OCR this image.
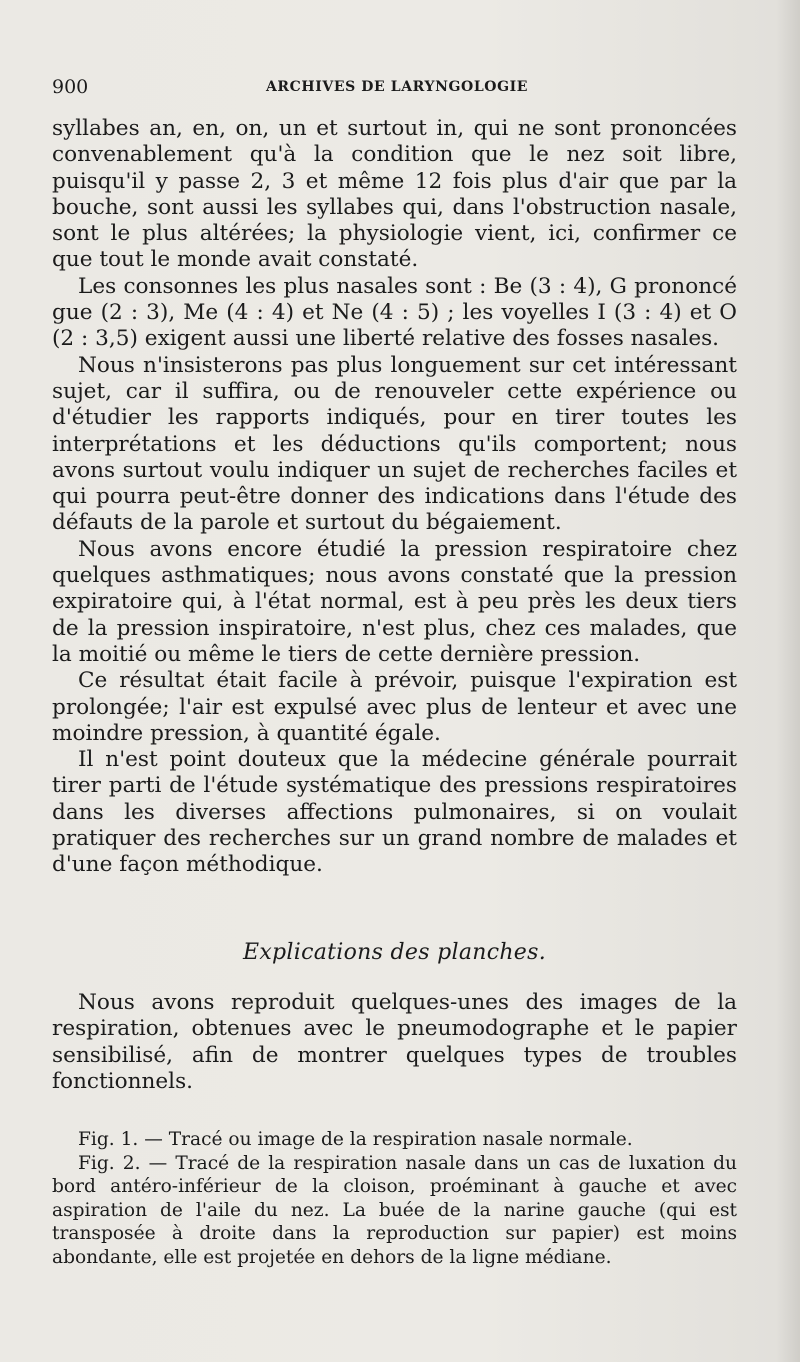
900	ARCHIVES DE LARYNGOLOGIE

syllabes an, en, on, un et surtout in, qui ne sont prononcées convenablement qu'à la condition que le nez soit libre, puisqu'il y passe 2, 3 et même 12 fois plus d'air que par la bouche, sont aussi les syllabes qui, dans l'obstruction nasale, sont le plus altérées; la physiologie vient, ici, confirmer ce que tout le monde avait constaté.

Les consonnes les plus nasales sont : Be (3 : 4), G prononcé gue (2 : 3), Me (4 : 4) et Ne (4 : 5) ; les voyelles I (3 : 4) et O (2 : 3,5) exigent aussi une liberté relative des fosses nasales.

Nous n'insisterons pas plus longuement sur cet intéressant sujet, car il suffira, ou de renouveler cette expérience ou d'étudier les rapports indiqués, pour en tirer toutes les interprétations et les déductions qu'ils comportent; nous avons surtout voulu indiquer un sujet de recherches faciles et qui pourra peut-être donner des indications dans l'étude des défauts de la parole et surtout du bégaiement.

Nous avons encore étudié la pression respiratoire chez quelques asthmatiques; nous avons constaté que la pression expiratoire qui, à l'état normal, est à peu près les deux tiers de la pression inspiratoire, n'est plus, chez ces malades, que la moitié ou même le tiers de cette dernière pression.

Ce résultat était facile à prévoir, puisque l'expiration est prolongée; l'air est expulsé avec plus de lenteur et avec une moindre pression, à quantité égale.

Il n'est point douteux que la médecine générale pourrait tirer parti de l'étude systématique des pressions respiratoires dans les diverses affections pulmonaires, si on voulait pratiquer des recherches sur un grand nombre de malades et d'une façon méthodique.

Explications des planches.

Nous avons reproduit quelques-unes des images de la respiration, obtenues avec le pneumodographe et le papier sensibilisé, afin de montrer quelques types de troubles fonctionnels.

Fig. 1. — Tracé ou image de la respiration nasale normale.

Fig. 2. — Tracé de la respiration nasale dans un cas de luxation du bord antéro-inférieur de la cloison, proéminant à gauche et avec aspiration de l'aile du nez. La buée de la narine gauche (qui est transposée à droite dans la reproduction sur papier) est moins abondante, elle est projetée en dehors de la ligne médiane.
